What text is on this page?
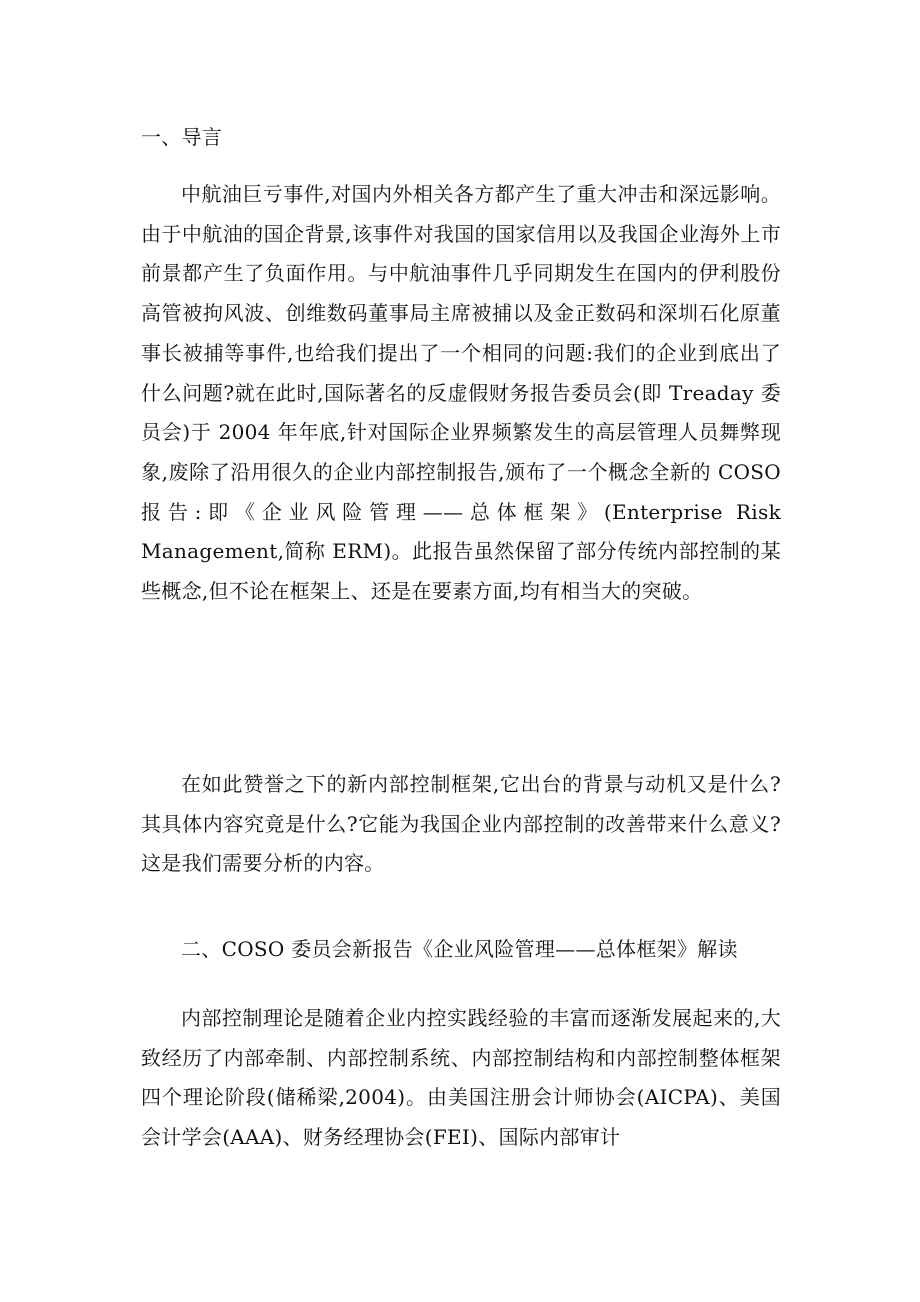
一、导言

中航油巨亏事件,对国内外相关各方都产生了重大冲击和深远影响。由于中航油的国企背景,该事件对我国的国家信用以及我国企业海外上市前景都产生了负面作用。与中航油事件几乎同期发生在国内的伊利股份高管被拘风波、创维数码董事局主席被捕以及金正数码和深圳石化原董事长被捕等事件,也给我们提出了一个相同的问题:我们的企业到底出了什么问题?就在此时,国际著名的反虚假财务报告委员会(即 Treaday 委员会)于 2004 年年底,针对国际企业界频繁发生的高层管理人员舞弊现象,废除了沿用很久的企业内部控制报告,颁布了一个概念全新的 COSO 报告:即《企业风险管理——总体框架》(Enterprise Risk Management,简称 ERM)。此报告虽然保留了部分传统内部控制的某些概念,但不论在框架上、还是在要素方面,均有相当大的突破。

在如此赞誉之下的新内部控制框架,它出台的背景与动机又是什么?其具体内容究竟是什么?它能为我国企业内部控制的改善带来什么意义?这是我们需要分析的内容。

二、COSO 委员会新报告《企业风险管理——总体框架》解读

内部控制理论是随着企业内控实践经验的丰富而逐渐发展起来的,大致经历了内部牵制、内部控制系统、内部控制结构和内部控制整体框架四个理论阶段(储稀梁,2004)。由美国注册会计师协会(AICPA)、美国会计学会(AAA)、财务经理协会(FEI)、国际内部审计
